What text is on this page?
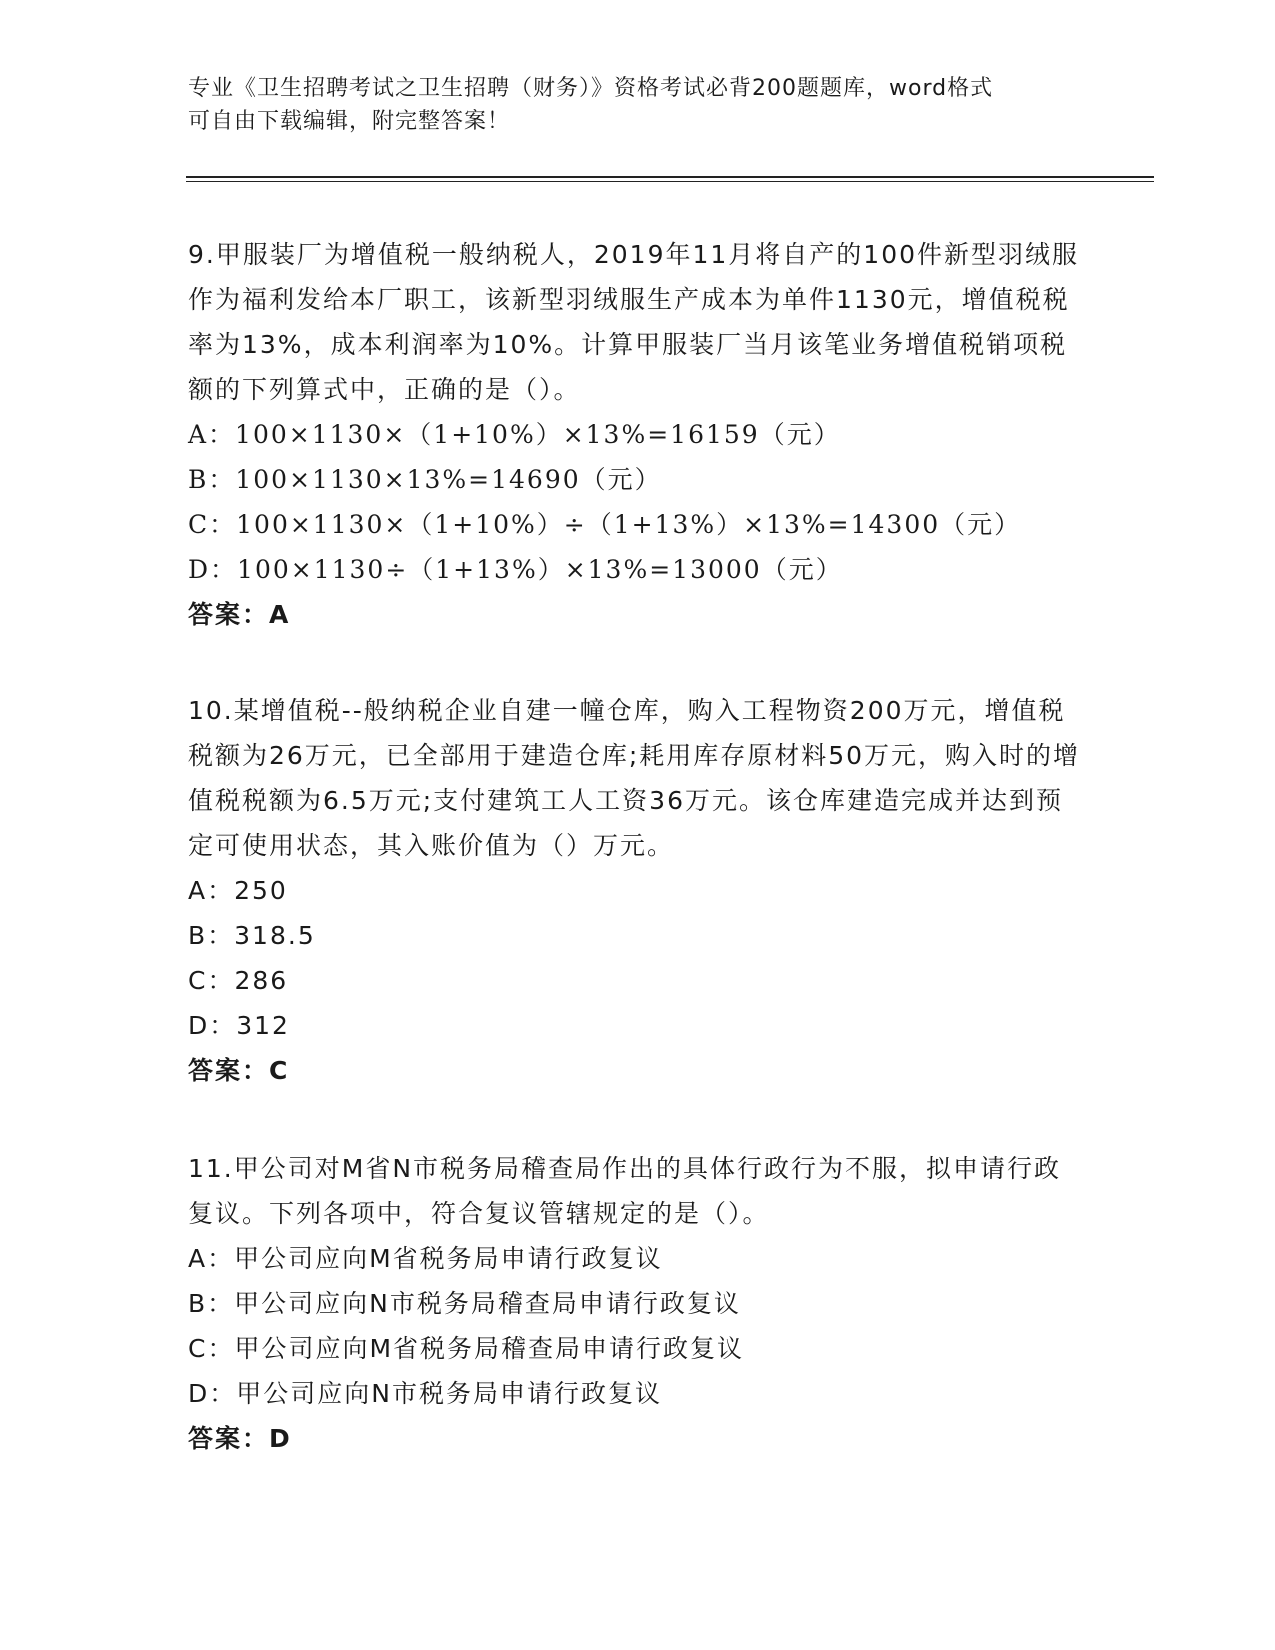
专业《卫生招聘考试之卫生招聘（财务）》资格考试必背200题题库，word格式
可自由下载编辑，附完整答案！
9.甲服装厂为增值税一般纳税人，2019年11月将自产的100件新型羽绒服作为福利发给本厂职工，该新型羽绒服生产成本为单件1130元，增值税税率为13%，成本利润率为10%。计算甲服装厂当月该笔业务增值税销项税额的下列算式中，正确的是（）。
A：100×1130×（1+10%）×13%=16159（元）
B：100×1130×13%=14690（元）
C：100×1130×（1+10%）÷（1+13%）×13%=14300（元）
D：100×1130÷（1+13%）×13%=13000（元）
答案：A
10.某增值税--般纳税企业自建一幢仓库，购入工程物资200万元，增值税税额为26万元，已全部用于建造仓库;耗用库存原材料50万元，购入时的增值税税额为6.5万元;支付建筑工人工资36万元。该仓库建造完成并达到预定可使用状态，其入账价值为（）万元。
A：250
B：318.5
C：286
D：312
答案：C
11.甲公司对M省N市税务局稽查局作出的具体行政行为不服，拟申请行政复议。下列各项中，符合复议管辖规定的是（）。
A：甲公司应向M省税务局申请行政复议
B：甲公司应向N市税务局稽查局申请行政复议
C：甲公司应向M省税务局稽查局申请行政复议
D：甲公司应向N市税务局申请行政复议
答案：D
